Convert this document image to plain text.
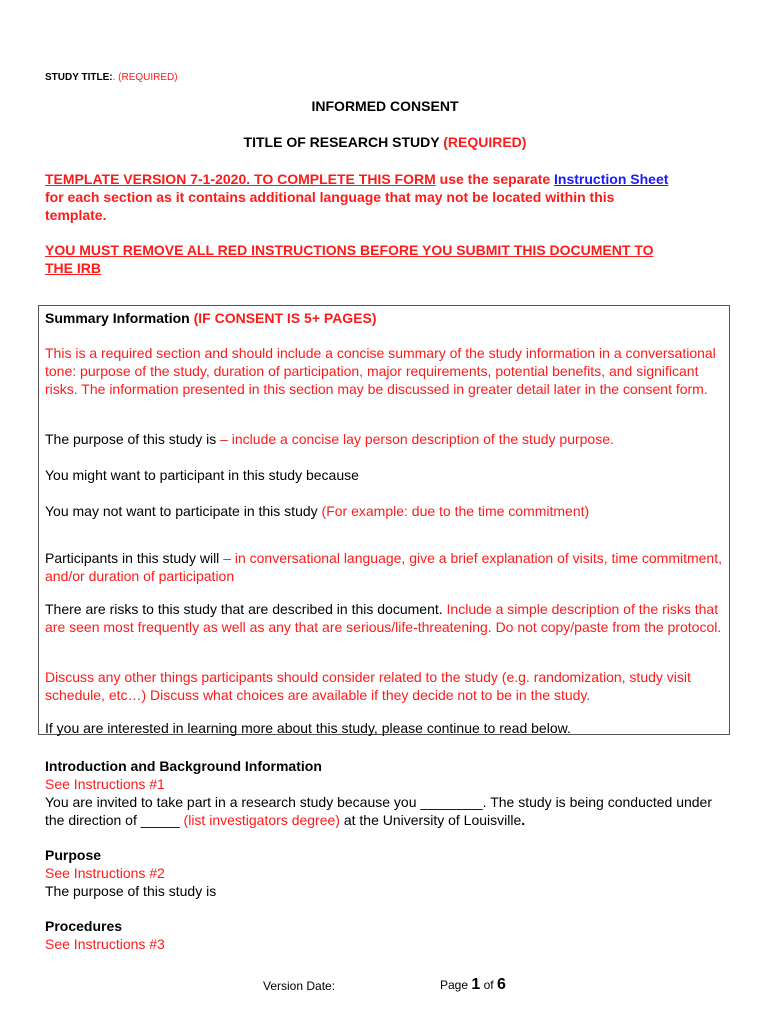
STUDY TITLE:. (REQUIRED)
INFORMED CONSENT
TITLE OF RESEARCH STUDY (REQUIRED)
TEMPLATE VERSION 7-1-2020. TO COMPLETE THIS FORM use the separate Instruction Sheet
for each section as it contains additional language that may not be located within this
template.
YOU MUST REMOVE ALL RED INSTRUCTIONS BEFORE YOU SUBMIT THIS DOCUMENT TO
THE IRB
Summary Information (IF CONSENT IS 5+ PAGES)
This is a required section and should include a concise summary of the study information in a conversational tone: purpose of the study, duration of participation, major requirements, potential benefits, and significant risks. The information presented in this section may be discussed in greater detail later in the consent form.
The purpose of this study is – include a concise lay person description of the study purpose.
You might want to participant in this study because
You may not want to participate in this study (For example: due to the time commitment)
Participants in this study will – in conversational language, give a brief explanation of visits, time commitment, and/or duration of participation
There are risks to this study that are described in this document. Include a simple description of the risks that are seen most frequently as well as any that are serious/life-threatening. Do not copy/paste from the protocol.
Discuss any other things participants should consider related to the study (e.g. randomization, study visit schedule, etc…) Discuss what choices are available if they decide not to be in the study.
If you are interested in learning more about this study, please continue to read below.
Introduction and Background Information
See Instructions #1
You are invited to take part in a research study because you ________. The study is being conducted under the direction of _____ (list investigators degree) at the University of Louisville.
Purpose
See Instructions #2
The purpose of this study is
Procedures
See Instructions #3
Version Date:	Page 1 of 6
